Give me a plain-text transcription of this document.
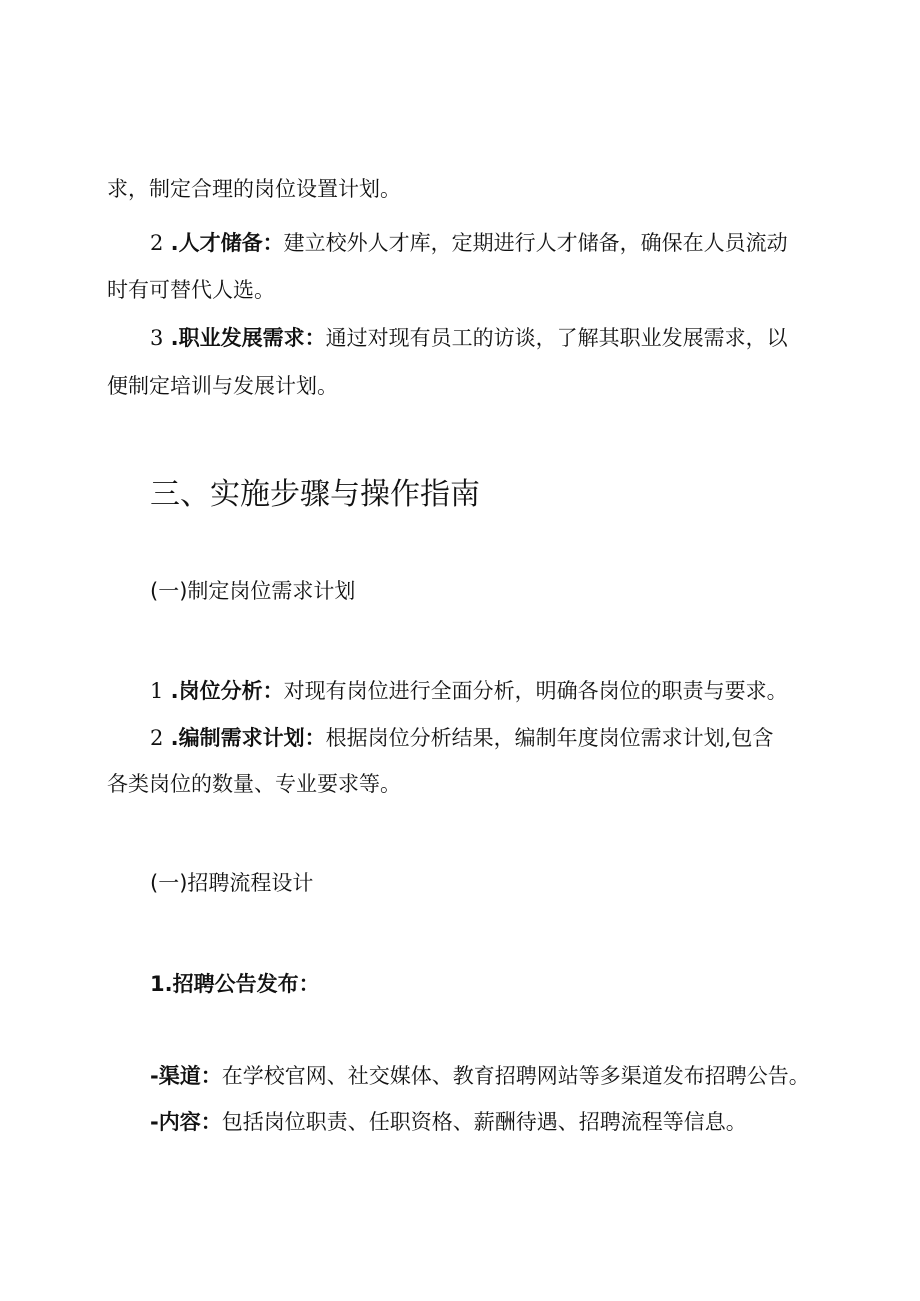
求，制定合理的岗位设置计划。
2 .人才储备：建立校外人才库，定期进行人才储备，确保在人员流动
时有可替代人选。
3 .职业发展需求：通过对现有员工的访谈，了解其职业发展需求，以
便制定培训与发展计划。
三、实施步骤与操作指南
(一)制定岗位需求计划
1 .岗位分析：对现有岗位进行全面分析，明确各岗位的职责与要求。
2 .编制需求计划：根据岗位分析结果，编制年度岗位需求计划,包含
各类岗位的数量、专业要求等。
(一)招聘流程设计
1.招聘公告发布：
-渠道：在学校官网、社交媒体、教育招聘网站等多渠道发布招聘公告。
-内容：包括岗位职责、任职资格、薪酬待遇、招聘流程等信息。
